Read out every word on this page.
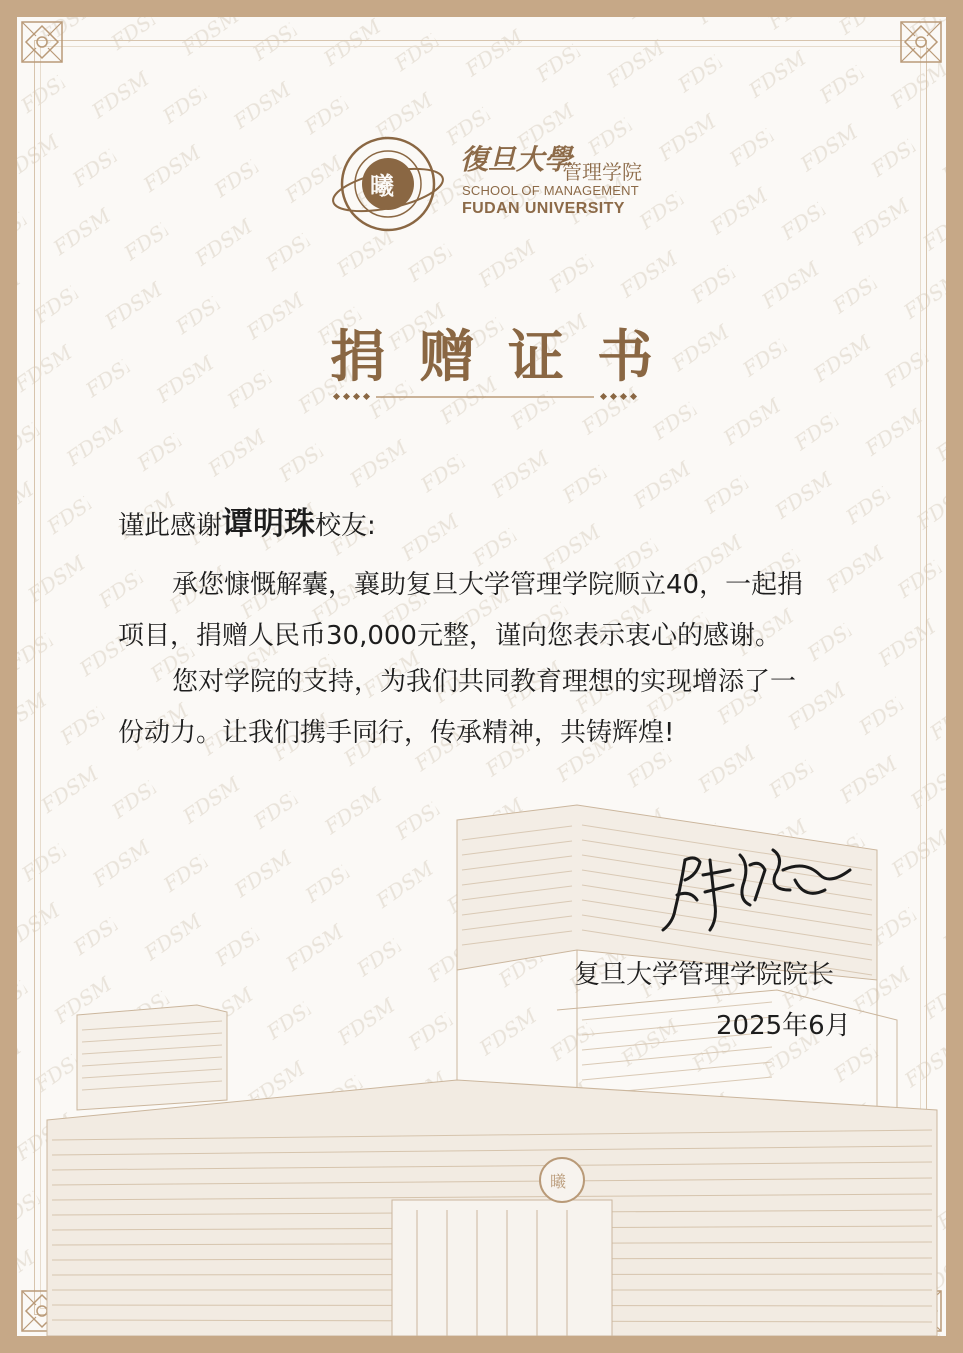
曦
曦
復旦大學
管理学院
SCHOOL OF MANAGEMENT
FUDAN UNIVERSITY
捐赠证书
谨此感谢谭明珠校友:
承您慷慨解囊，襄助复旦大学管理学院顺立40，一起捐
项目，捐赠人民币30,000元整，谨向您表示衷心的感谢。
您对学院的支持，为我们共同教育理想的实现增添了一
份动力。让我们携手同行，传承精神，共铸辉煌!
复旦大学管理学院院长
2025年6月
